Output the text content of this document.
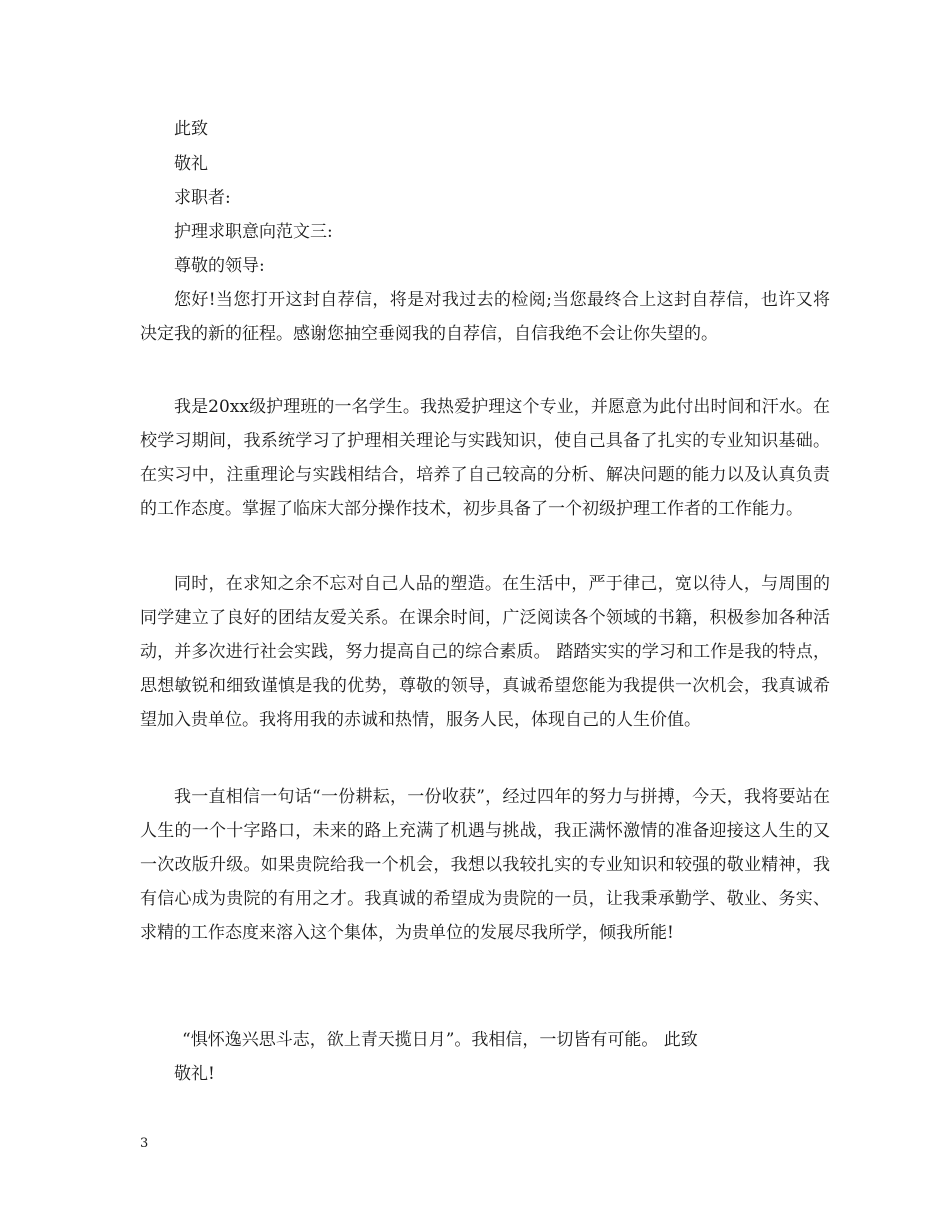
此致
敬礼
求职者:
护理求职意向范文三:
尊敬的领导:

您好!当您打开这封自荐信，将是对我过去的检阅;当您最终合上这封自荐信，也许又将决定我的新的征程。感谢您抽空垂阅我的自荐信，自信我绝不会让你失望的。

我是20xx级护理班的一名学生。我热爱护理这个专业，并愿意为此付出时间和汗水。在校学习期间，我系统学习了护理相关理论与实践知识，使自己具备了扎实的专业知识基础。在实习中，注重理论与实践相结合，培养了自己较高的分析、解决问题的能力以及认真负责的工作态度。掌握了临床大部分操作技术，初步具备了一个初级护理工作者的工作能力。

同时，在求知之余不忘对自己人品的塑造。在生活中，严于律己，宽以待人，与周围的同学建立了良好的团结友爱关系。在课余时间，广泛阅读各个领域的书籍，积极参加各种活动，并多次进行社会实践，努力提高自己的综合素质。 踏踏实实的学习和工作是我的特点，思想敏锐和细致谨慎是我的优势，尊敬的领导，真诚希望您能为我提供一次机会，我真诚希望加入贵单位。我将用我的赤诚和热情，服务人民，体现自己的人生价值。

我一直相信一句话“一份耕耘，一份收获”，经过四年的努力与拼搏，今天，我将要站在人生的一个十字路口，未来的路上充满了机遇与挑战，我正满怀激情的准备迎接这人生的又一次改版升级。如果贵院给我一个机会，我想以我较扎实的专业知识和较强的敬业精神，我有信心成为贵院的有用之才。我真诚的希望成为贵院的一员，让我秉承勤学、敬业、务实、求精的工作态度来溶入这个集体，为贵单位的发展尽我所学，倾我所能!

“惧怀逸兴思斗志，欲上青天揽日月”。我相信，一切皆有可能。 此致
敬礼!
3
